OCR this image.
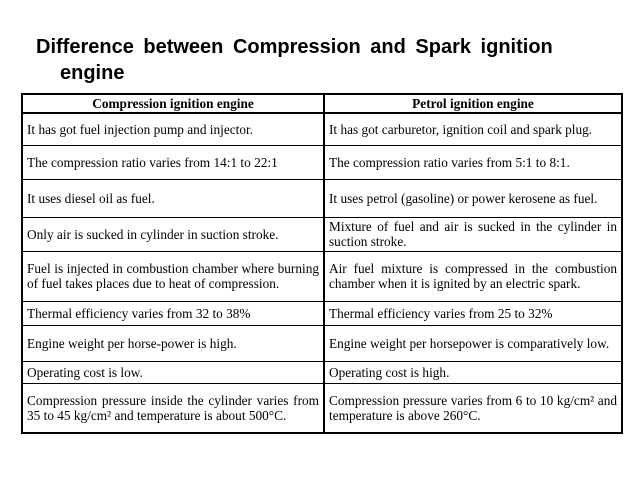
Difference between Compression and Spark ignition
engine
Compression ignition engine	Petrol ignition engine
It has got fuel injection pump and injector.	It has got carburetor, ignition coil and spark plug.
The compression ratio varies from 14:1 to 22:1	The compression ratio varies from 5:1 to 8:1.
It uses diesel oil as fuel.	It uses petrol (gasoline) or power kerosene as fuel.
Only air is sucked in cylinder in suction stroke.	Mixture of fuel and air is sucked in the cylinder in suction stroke.
Fuel is injected in combustion chamber where burning of fuel takes places due to heat of compression.	Air fuel mixture is compressed in the combustion chamber when it is ignited by an electric spark.
Thermal efficiency varies from 32 to 38%	Thermal efficiency varies from 25 to 32%
Engine weight per horse-power is high.	Engine weight per horsepower is comparatively low.
Operating cost is low.	Operating cost is high.
Compression pressure inside the cylinder varies from 35 to 45 kg/cm² and temperature is about 500°C.	Compression pressure varies from 6 to 10 kg/cm² and temperature is above 260°C.
